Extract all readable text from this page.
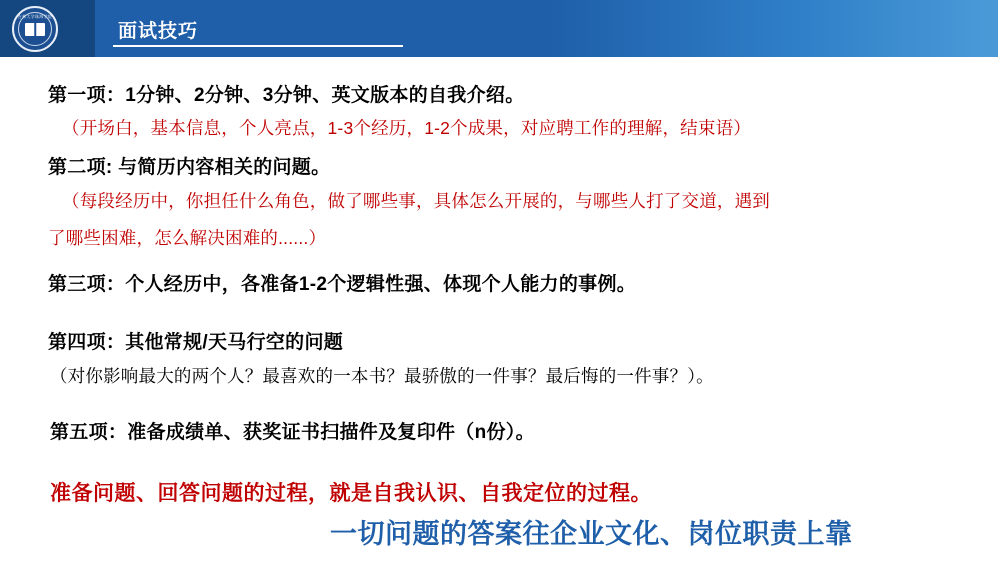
吉林大学珠海学院
面试技巧
第一项：1分钟、2分钟、3分钟、英文版本的自我介绍。
（开场白，基本信息，个人亮点，1-3个经历，1-2个成果，对应聘工作的理解，结束语）
第二项: 与简历内容相关的问题。
（每段经历中，你担任什么角色，做了哪些事，具体怎么开展的，与哪些人打了交道，遇到
了哪些困难，怎么解决困难的......）
第三项：个人经历中，各准备1-2个逻辑性强、体现个人能力的事例。
第四项：其他常规/天马行空的问题
（对你影响最大的两个人？最喜欢的一本书？最骄傲的一件事？最后悔的一件事？）。
第五项：准备成绩单、获奖证书扫描件及复印件（n份）。
准备问题、回答问题的过程，就是自我认识、自我定位的过程。
一切问题的答案往企业文化、岗位职责上靠
